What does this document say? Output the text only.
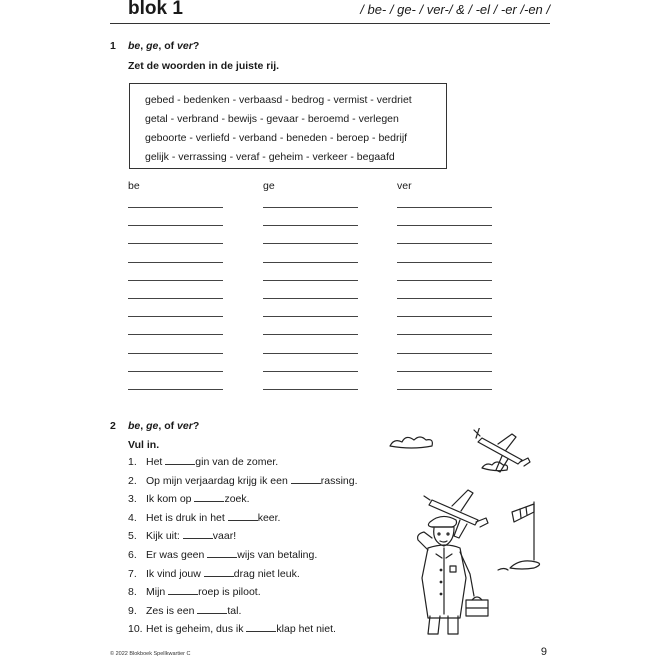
blok 1	/ be- / ge- / ver-/ & / -el / -er /-en /
1 be, ge, of ver?
Zet de woorden in de juiste rij.
gebed - bedenken - verbaasd - bedrog - vermist - verdriet
getal - verbrand - bewijs - gevaar - beroemd - verlegen
geboorte - verliefd - verband - beneden - beroep - bedrijf
gelijk - verrassing - veraf - geheim - verkeer - begaafd
be	ge	ver
2 be, ge, of ver?
Vul in.
1. Het	gin van de zomer.
2. Op mijn verjaardag krijg ik een	rassing.
3. Ik kom op	zoek.
4. Het is druk in het	keer.
5. Kijk uit:	vaar!
6. Er was geen	wijs van betaling.
7. Ik vind jouw	drag niet leuk.
8. Mijn	roep is piloot.
9. Zes is een	tal.
10. Het is geheim, dus ik	klap het niet.
© 2022 Blokboek Spellkwartier C	9
